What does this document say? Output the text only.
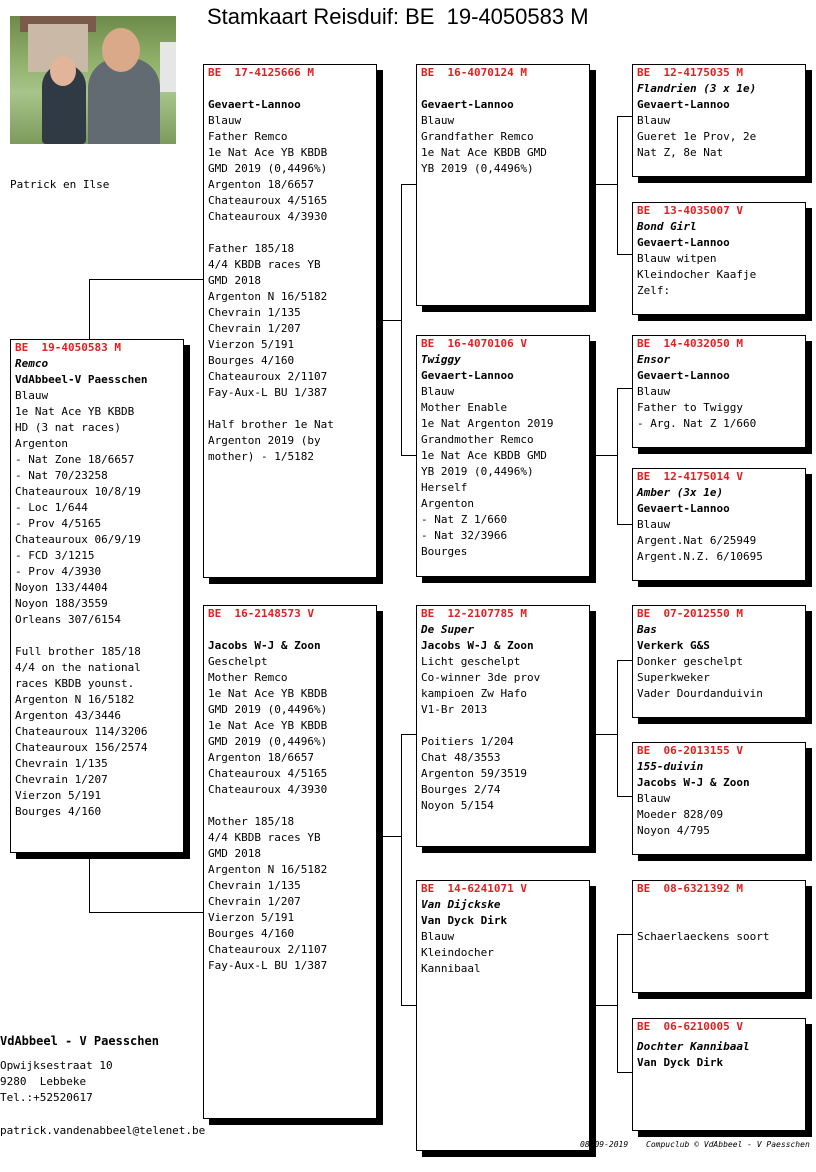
Stamkaart Reisduif: BE  19-4050583 M
Patrick en Ilse
BE  19-4050583 M
Remco
VdAbbeel-V Paesschen
Blauw
1e Nat Ace YB KBDB
HD (3 nat races)
Argenton
- Nat Zone 18/6657
- Nat 70/23258
Chateauroux 10/8/19
- Loc 1/644
- Prov 4/5165
Chateauroux 06/9/19
- FCD 3/1215
- Prov 4/3930
Noyon 133/4404
Noyon 188/3559
Orleans 307/6154

Full brother 185/18
4/4 on the national
races KBDB younst.
Argenton N 16/5182
Argenton 43/3446
Chateauroux 114/3206
Chateauroux 156/2574
Chevrain 1/135
Chevrain 1/207
Vierzon 5/191
Bourges 4/160
BE  17-4125666 M
Gevaert-Lannoo
Blauw
Father Remco
1e Nat Ace YB KBDB
GMD 2019 (0,4496%)
Argenton 18/6657
Chateauroux 4/5165
Chateauroux 4/3930

Father 185/18
4/4 KBDB races YB
GMD 2018
Argenton N 16/5182
Chevrain 1/135
Chevrain 1/207
Vierzon 5/191
Bourges 4/160
Chateauroux 2/1107
Fay-Aux-L BU 1/387

Half brother 1e Nat
Argenton 2019 (by
mother) - 1/5182
BE  16-2148573 V
Jacobs W-J & Zoon
Geschelpt
Mother Remco
1e Nat Ace YB KBDB
GMD 2019 (0,4496%)
1e Nat Ace YB KBDB
GMD 2019 (0,4496%)
Argenton 18/6657
Chateauroux 4/5165
Chateauroux 4/3930

Mother 185/18
4/4 KBDB races YB
GMD 2018
Argenton N 16/5182
Chevrain 1/135
Chevrain 1/207
Vierzon 5/191
Bourges 4/160
Chateauroux 2/1107
Fay-Aux-L BU 1/387
BE  16-4070124 M
Gevaert-Lannoo
Blauw
Grandfather Remco
1e Nat Ace KBDB GMD
YB 2019 (0,4496%)
BE  16-4070106 V
Twiggy
Gevaert-Lannoo
Blauw
Mother Enable
1e Nat Argenton 2019
Grandmother Remco
1e Nat Ace KBDB GMD
YB 2019 (0,4496%)
Herself
Argenton
- Nat Z 1/660
- Nat 32/3966
Bourges
BE  12-2107785 M
De Super
Jacobs W-J & Zoon
Licht geschelpt
Co-winner 3de prov
kampioen Zw Hafo
V1-Br 2013

Poitiers 1/204
Chat 48/3553
Argenton 59/3519
Bourges 2/74
Noyon 5/154
BE  14-6241071 V
Van Dijckske
Van Dyck Dirk
Blauw
Kleindocher
Kannibaal
BE  12-4175035 M
Flandrien (3 x 1e)
Gevaert-Lannoo
Blauw
Gueret 1e Prov, 2e
Nat Z, 8e Nat
BE  13-4035007 V
Bond Girl
Gevaert-Lannoo
Blauw witpen
Kleindocher Kaafje
Zelf:
BE  14-4032050 M
Ensor
Gevaert-Lannoo
Blauw
Father to Twiggy
- Arg. Nat Z 1/660
BE  12-4175014 V
Amber (3x 1e)
Gevaert-Lannoo
Blauw
Argent.Nat 6/25949
Argent.N.Z. 6/10695
BE  07-2012550 M
Bas
Verkerk G&S
Donker geschelpt
Superkweker
Vader Dourdanduivin
BE  06-2013155 V
155-duivin
Jacobs W-J & Zoon
Blauw
Moeder 828/09
Noyon 4/795
BE  08-6321392 M

Schaerlaeckens soort
BE  06-6210005 V
Dochter Kannibaal
Van Dyck Dirk
VdAbbeel - V Paesschen
Opwijksestraat 10
9280  Lebbeke
Tel.:+52520617
patrick.vandenabbeel@telenet.be
08-09-2019 Compuclub © VdAbbeel - V Paesschen
